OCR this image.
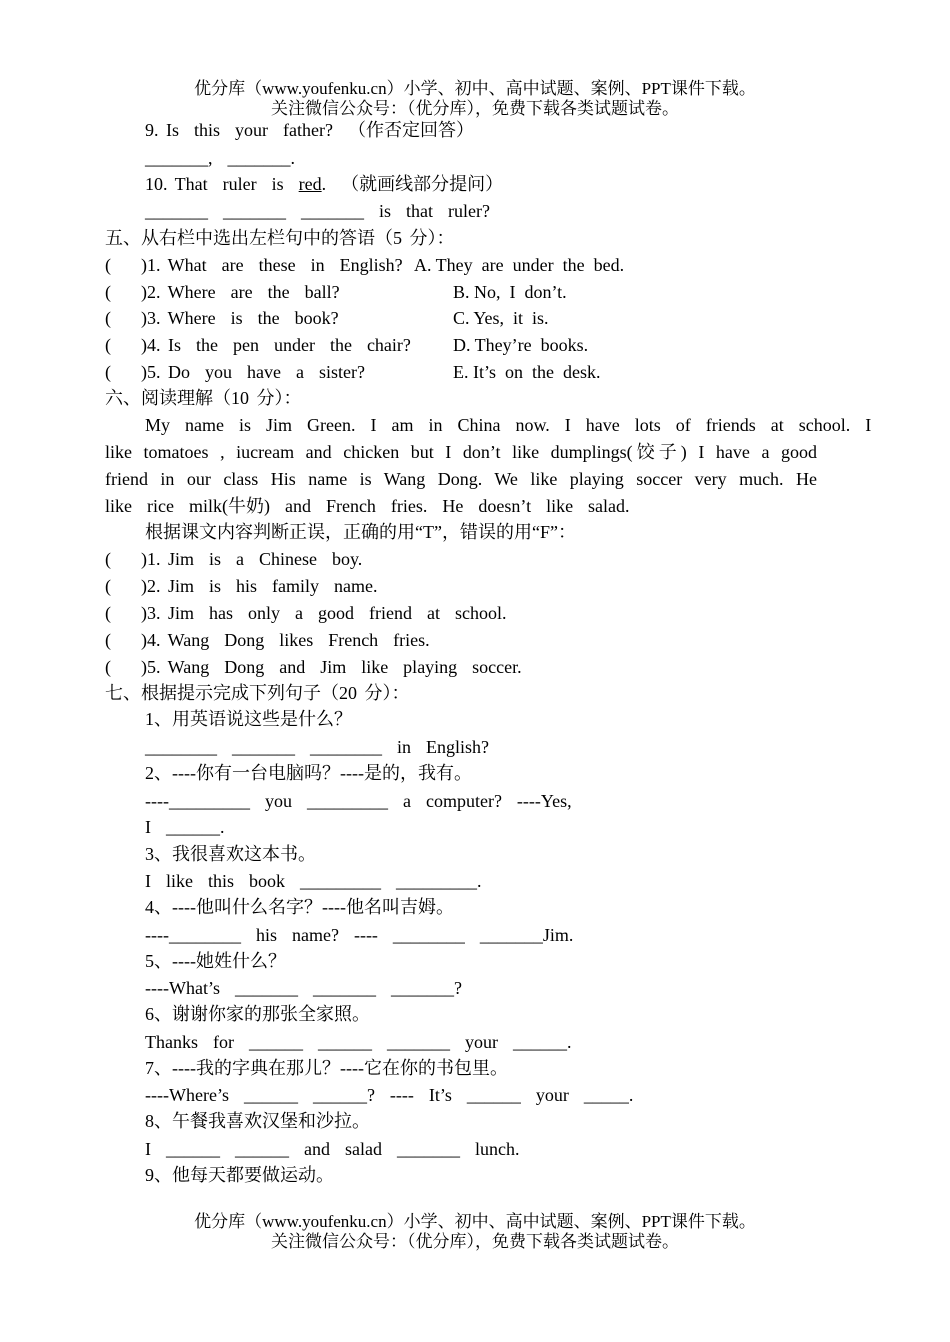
优分库（www.youfenku.cn）小学、初中、高中试题、案例、PPT课件下载。
关注微信公众号：（优分库），免费下载各类试题试卷。
9. Is  this  your  father?  （作否定回答）
_______,  _______.
10. That  ruler  is  red.  （就画线部分提问）
_______  _______  _______  is  that  ruler?
五、从右栏中选出左栏句中的答语（5 分）：
(    )1. What  are  these  in  English? A. They  are  under  the  bed.
(    )2. Where  are  the  ball?	B. No,  I  don’t.
(    )3. Where  is  the  book?	C. Yes,  it  is.
(    )4. Is  the  pen  under  the  chair? D. They’re  books.
(    )5. Do  you  have  a  sister?	E. It’s  on  the  desk.
六、阅读理解（10 分）：
My  name  is  Jim  Green.  I  am  in  China  now.  I  have  lots  of  friends  at  school.  I
like tomatoes , iucream and chicken but I don’t like dumplings(饺子) I have a good
friend in our class His name is Wang Dong. We like playing soccer very much. He
like  rice  milk(牛奶)  and  French  fries.  He  doesn’t  like  salad.
根据课文内容判断正误，正确的用“T”，错误的用“F”：
(    )1. Jim  is  a  Chinese  boy.
(    )2. Jim  is  his  family  name.
(    )3. Jim  has  only  a  good  friend  at  school.
(    )4. Wang  Dong  likes  French  fries.
(    )5. Wang  Dong  and  Jim  like  playing  soccer.
七、根据提示完成下列句子（20 分）：
1、用英语说这些是什么？
________  _______  ________  in  English?
2、----你有一台电脑吗？----是的，我有。
----_________  you  _________  a  computer?  ----Yes,
I  ______.
3、我很喜欢这本书。
I  like  this  book  _________  _________.
4、----他叫什么名字？----他名叫吉姆。
----________  his  name?  ----  ________  _______Jim.
5、----她姓什么？
----What’s  _______  _______  _______?
6、谢谢你家的那张全家照。
Thanks  for  ______  ______  _______  your  ______.
7、----我的字典在那儿？----它在你的书包里。
----Where’s  ______  ______?  ----  It’s  ______  your  _____.
8、午餐我喜欢汉堡和沙拉。
I  ______  ______  and  salad  _______  lunch.
9、他每天都要做运动。
优分库（www.youfenku.cn）小学、初中、高中试题、案例、PPT课件下载。
关注微信公众号：（优分库），免费下载各类试题试卷。
